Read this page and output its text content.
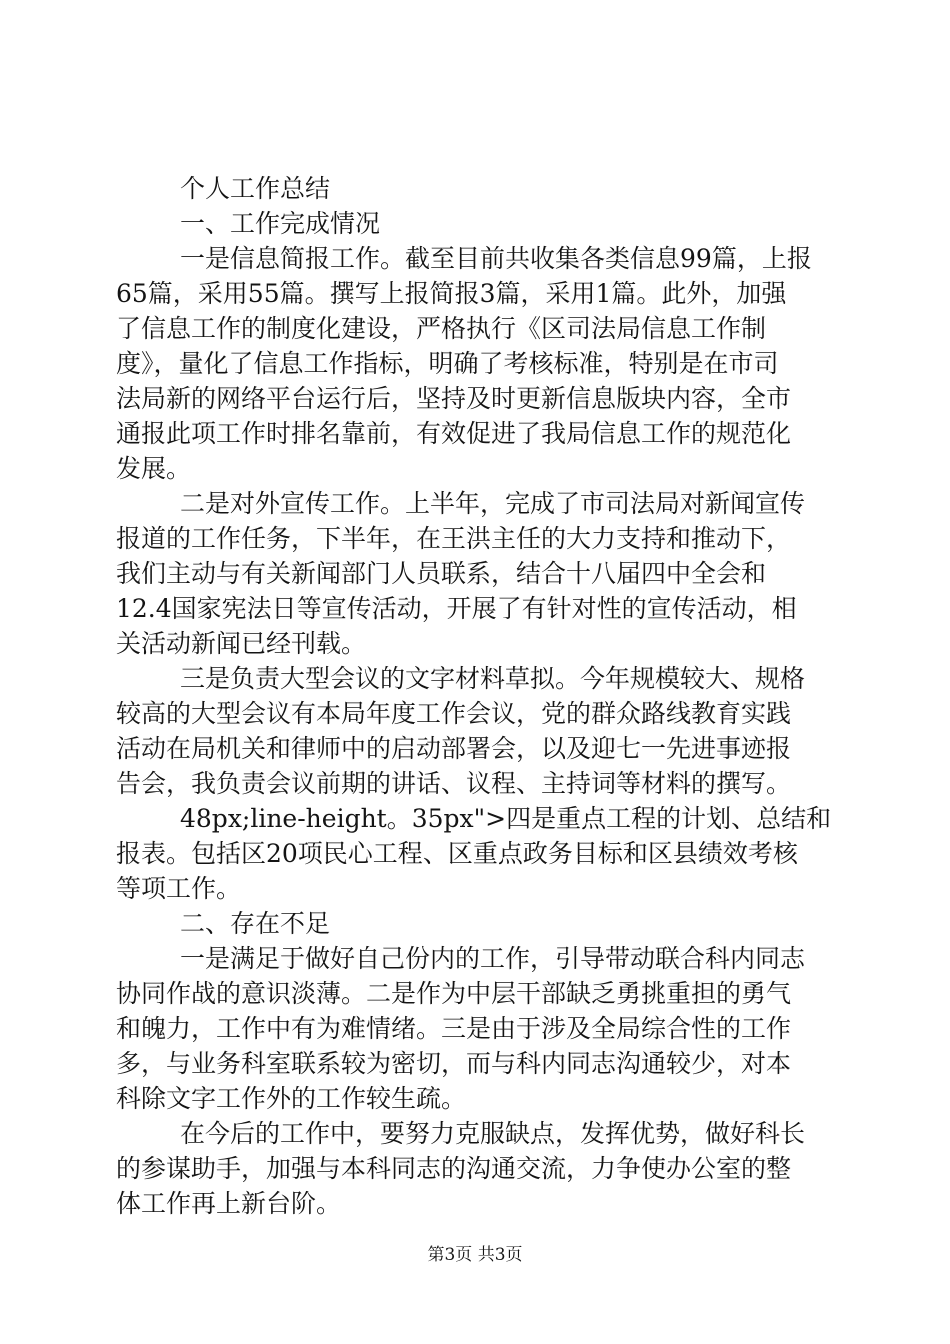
个人工作总结
一、工作完成情况
一是信息简报工作。截至目前共收集各类信息99篇，上报
65篇，采用55篇。撰写上报简报3篇，采用1篇。此外，加强
了信息工作的制度化建设，严格执行《区司法局信息工作制
度》，量化了信息工作指标，明确了考核标准，特别是在市司
法局新的网络平台运行后，坚持及时更新信息版块内容，全市
通报此项工作时排名靠前，有效促进了我局信息工作的规范化
发展。
二是对外宣传工作。上半年，完成了市司法局对新闻宣传
报道的工作任务，下半年，在王洪主任的大力支持和推动下，
我们主动与有关新闻部门人员联系，结合十八届四中全会和
12.4国家宪法日等宣传活动，开展了有针对性的宣传活动，相
关活动新闻已经刊载。
三是负责大型会议的文字材料草拟。今年规模较大、规格
较高的大型会议有本局年度工作会议，党的群众路线教育实践
活动在局机关和律师中的启动部署会，以及迎七一先进事迹报
告会，我负责会议前期的讲话、议程、主持词等材料的撰写。
48px;line-height。35px">四是重点工程的计划、总结和
报表。包括区20项民心工程、区重点政务目标和区县绩效考核
等项工作。
二、存在不足
一是满足于做好自己份内的工作，引导带动联合科内同志
协同作战的意识淡薄。二是作为中层干部缺乏勇挑重担的勇气
和魄力，工作中有为难情绪。三是由于涉及全局综合性的工作
多，与业务科室联系较为密切，而与科内同志沟通较少，对本
科除文字工作外的工作较生疏。
在今后的工作中，要努力克服缺点，发挥优势，做好科长
的参谋助手，加强与本科同志的沟通交流，力争使办公室的整
体工作再上新台阶。
第3页 共3页
